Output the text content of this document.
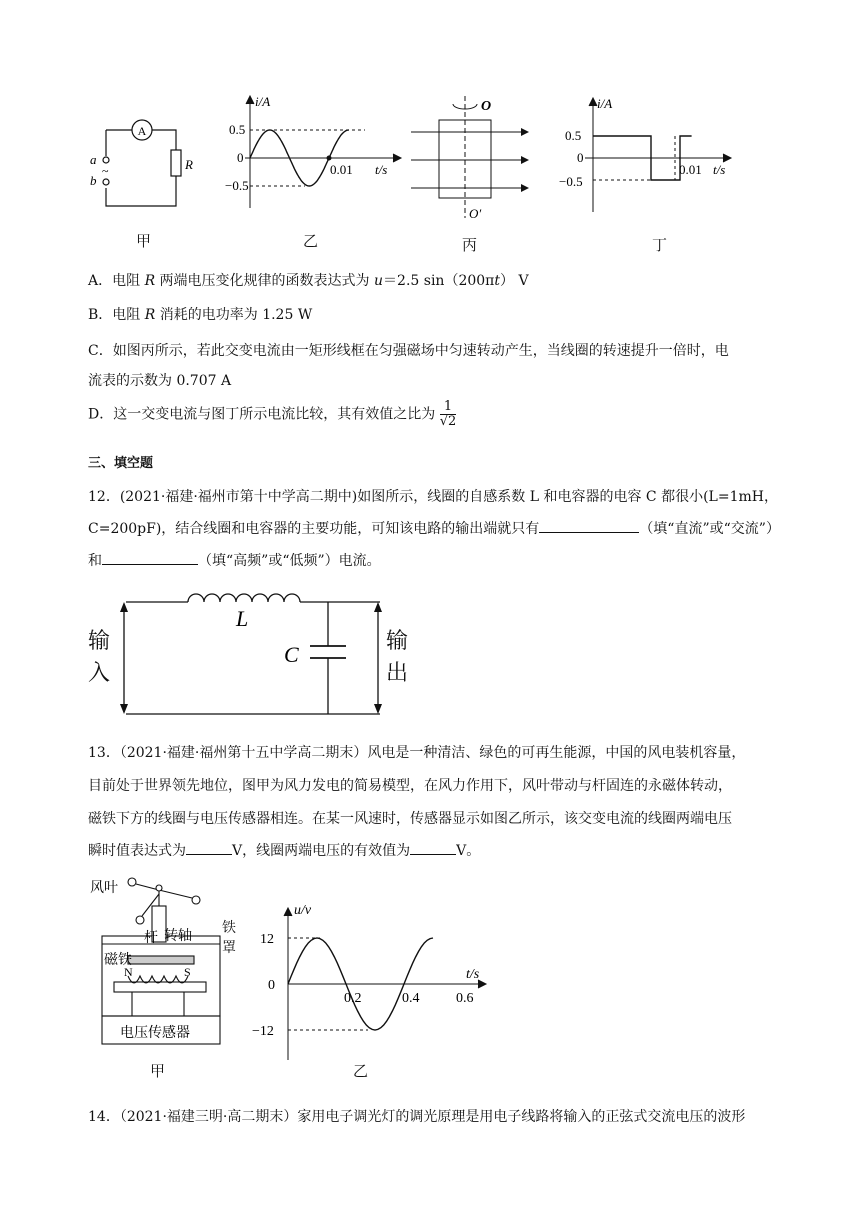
A
R
a
b
~
甲
i/A
0.5
0
−0.5
0.01 t/s
乙
O
O′
丙
i/A
0.5
0
−0.5
0.01 t/s
丁
A．电阻 R 两端电压变化规律的函数表达式为 u＝2.5 sin（200πt） V
B．电阻 R 消耗的电功率为 1.25 W
C．如图丙所示，若此交变电流由一矩形线框在匀强磁场中匀速转动产生，当线圈的转速提升一倍时，电
流表的示数为 0.707 A
D．这一交变电流与图丁所示电流比较，其有效值之比为 $\frac{1}{√2}$
三、填空题
12．(2021·福建·福州市第十中学高二期中)如图所示，线圈的自感系数 L 和电容器的电容 C 都很小(L=1mH，
C=200pF)，结合线圈和电容器的主要功能，可知该电路的输出端就只有	（填“直流”或“交流”）
和	（填“高频”或“低频”）电流。
L
C
输入
输出
13．（2021·福建·福州第十五中学高二期末）风电是一种清洁、绿色的可再生能源，中国的风电装机容量，
目前处于世界领先地位，图甲为风力发电的简易模型，在风力作用下，风叶带动与杆固连的永磁体转动，
磁铁下方的线圈与电压传感器相连。在某一风速时，传感器显示如图乙所示，该交变电流的线圈两端电压
瞬时值表达式为	V，线圈两端电压的有效值为	V。
风叶
杆 转轴
磁铁
N	S
电压传感器
铁罩
甲
u/v
t/s
12
0
−12
0.2	0.4	0.6
乙
14．（2021·福建三明·高二期末）家用电子调光灯的调光原理是用电子线路将输入的正弦式交流电压的波形
